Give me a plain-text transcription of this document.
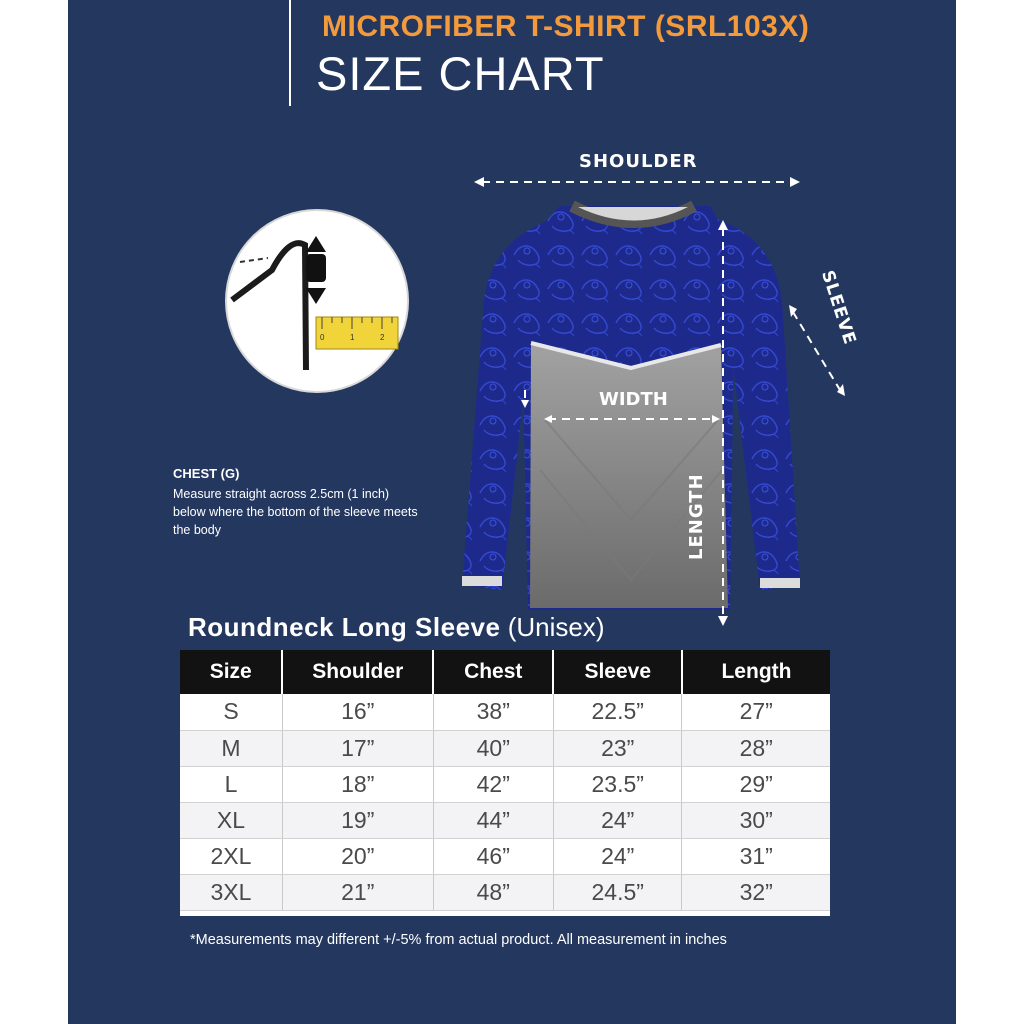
MICROFIBER T-SHIRT (SRL103X)
SIZE CHART
0	1	2
SHOULDER
SLEEVE
WIDTH
LENGTH
CHEST (G)
Measure straight across 2.5cm (1 inch) below where the bottom of the sleeve meets the body
Roundneck Long Sleeve (Unisex)
Size	Shoulder	Chest	Sleeve	Length
S	16”	38”	22.5”	27”
M	17”	40”	23”	28”
L	18”	42”	23.5”	29”
XL	19”	44”	24”	30”
2XL	20”	46”	24”	31”
3XL	21”	48”	24.5”	32”
*Measurements may different +/-5% from actual product. All measurement in inches
